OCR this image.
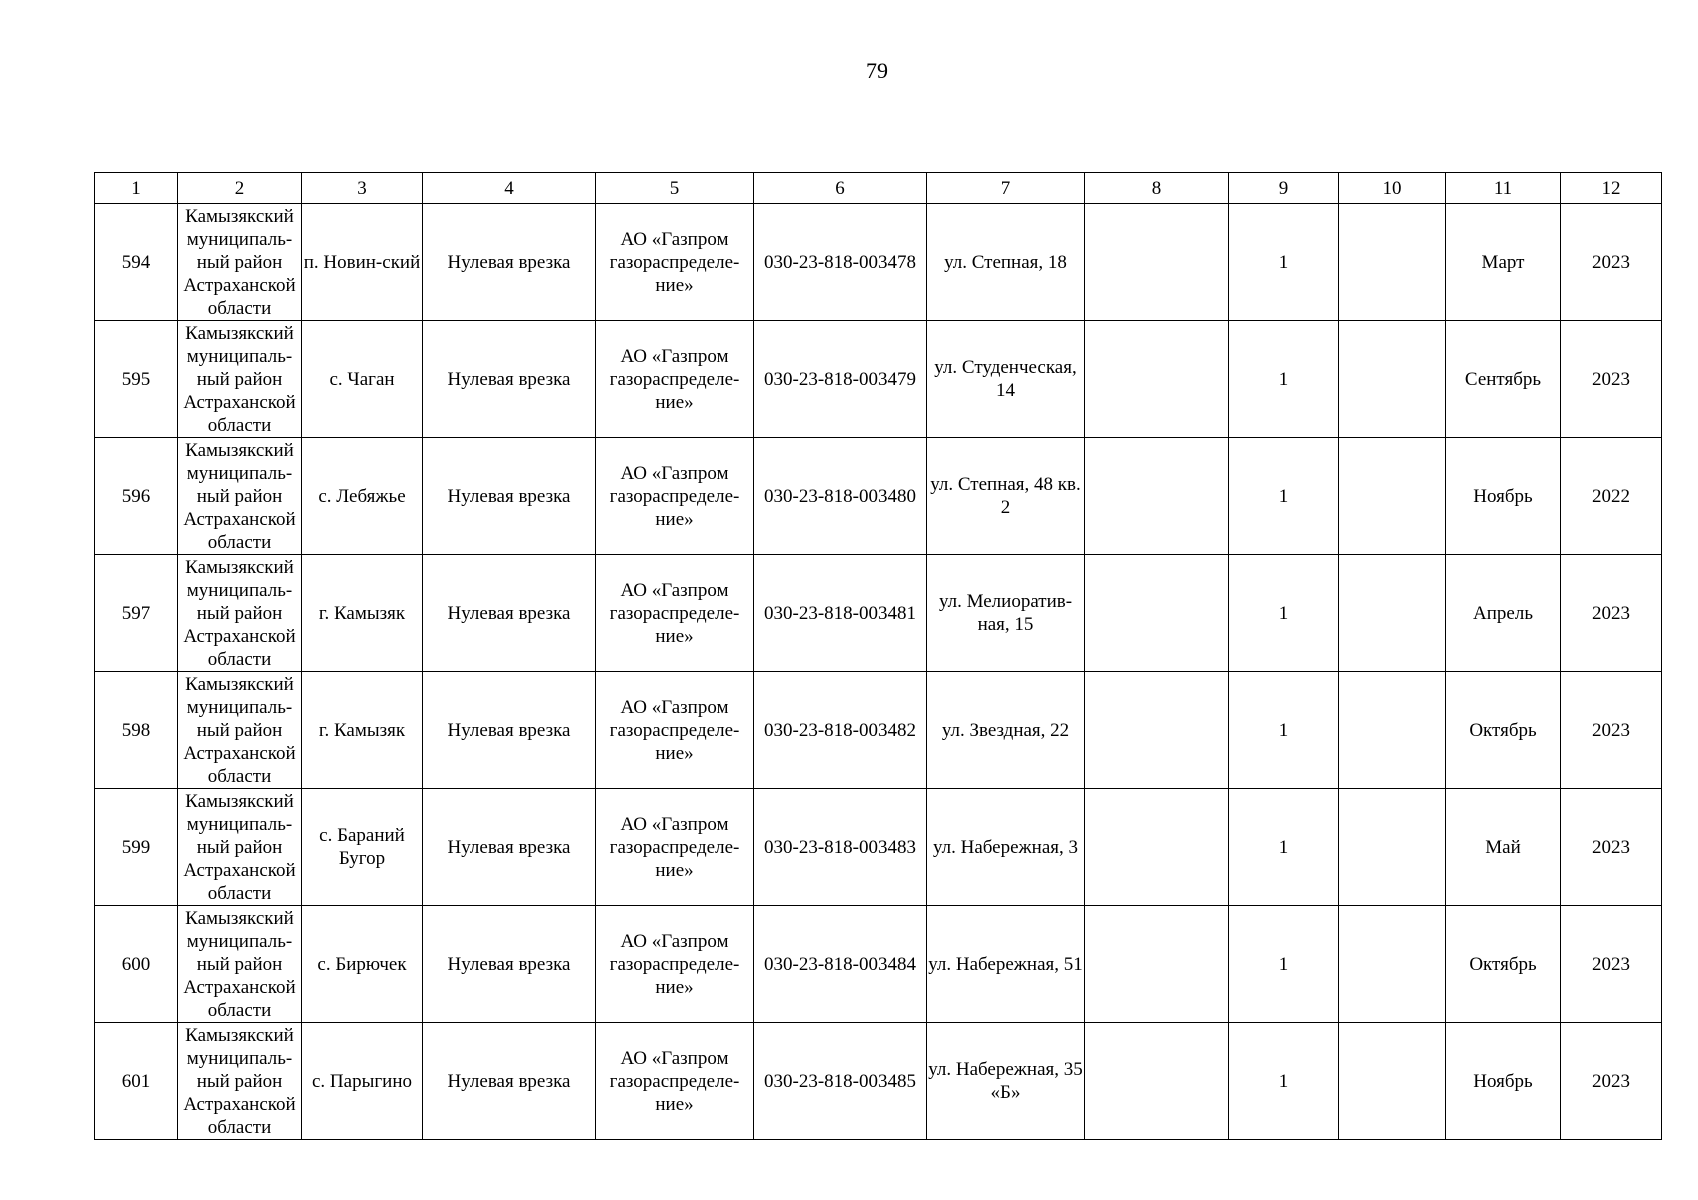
79
1	2	3	4	5	6	7	8	9	10	11	12
594	Камызякский муниципаль-ный район Астраханской области	п. Новин-ский	Нулевая врезка	АО «Газпром газораспределе-ние»	030-23-818-003478	ул. Степная, 18		1		Март	2023
595	Камызякский муниципаль-ный район Астраханской области	с. Чаган	Нулевая врезка	АО «Газпром газораспределе-ние»	030-23-818-003479	ул. Студенческая, 14		1		Сентябрь	2023
596	Камызякский муниципаль-ный район Астраханской области	с. Лебяжье	Нулевая врезка	АО «Газпром газораспределе-ние»	030-23-818-003480	ул. Степная, 48 кв. 2		1		Ноябрь	2022
597	Камызякский муниципаль-ный район Астраханской области	г. Камызяк	Нулевая врезка	АО «Газпром газораспределе-ние»	030-23-818-003481	ул. Мелиоратив-ная, 15		1		Апрель	2023
598	Камызякский муниципаль-ный район Астраханской области	г. Камызяк	Нулевая врезка	АО «Газпром газораспределе-ние»	030-23-818-003482	ул. Звездная, 22		1		Октябрь	2023
599	Камызякский муниципаль-ный район Астраханской области	с. Бараний Бугор	Нулевая врезка	АО «Газпром газораспределе-ние»	030-23-818-003483	ул. Набережная, 3		1		Май	2023
600	Камызякский муниципаль-ный район Астраханской области	с. Бирючек	Нулевая врезка	АО «Газпром газораспределе-ние»	030-23-818-003484	ул. Набережная, 51		1		Октябрь	2023
601	Камызякский муниципаль-ный район Астраханской области	с. Парыгино	Нулевая врезка	АО «Газпром газораспределе-ние»	030-23-818-003485	ул. Набережная, 35 «Б»		1		Ноябрь	2023
